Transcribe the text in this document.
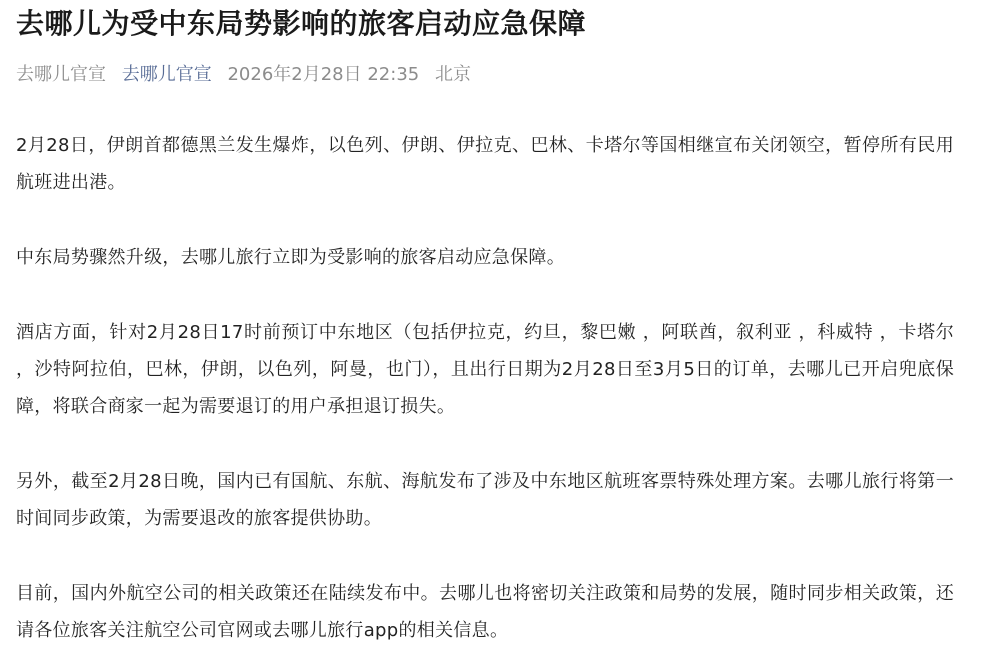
去哪儿为受中东局势影响的旅客启动应急保障
去哪儿官宣 去哪儿官宣 2026年2月28日 22:35 北京

2月28日，伊朗首都德黑兰发生爆炸，以色列、伊朗、伊拉克、巴林、卡塔尔等国相继宣布关闭领空，暂停所有民用航班进出港。

中东局势骤然升级，去哪儿旅行立即为受影响的旅客启动应急保障。

酒店方面，针对2月28日17时前预订中东地区（包括伊拉克，约旦，黎巴嫩 ，阿联酋，叙利亚 ，科威特 ，卡塔尔 ，沙特阿拉伯，巴林，伊朗，以色列，阿曼，也门），且出行日期为2月28日至3月5日的订单，去哪儿已开启兜底保障，将联合商家一起为需要退订的用户承担退订损失。

另外，截至2月28日晚，国内已有国航、东航、海航发布了涉及中东地区航班客票特殊处理方案。去哪儿旅行将第一时间同步政策，为需要退改的旅客提供协助。

目前，国内外航空公司的相关政策还在陆续发布中。去哪儿也将密切关注政策和局势的发展，随时同步相关政策，还请各位旅客关注航空公司官网或去哪儿旅行app的相关信息。
